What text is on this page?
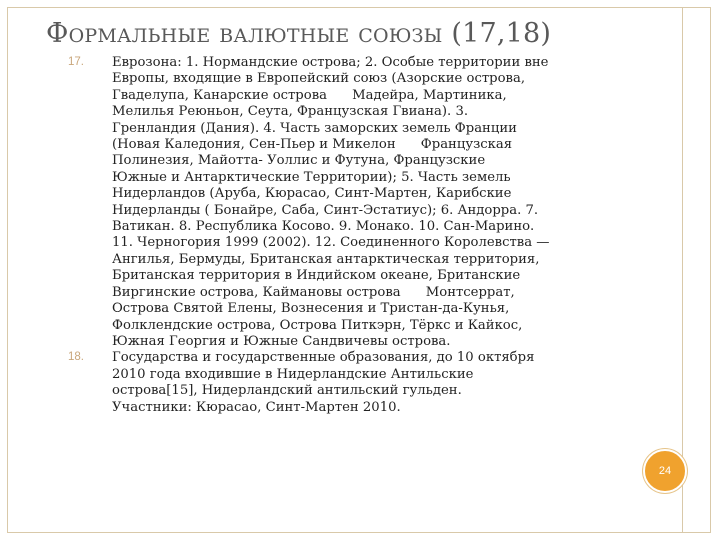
Формальные валютные союзы (17,18)
17. Еврозона: 1. Нормандские острова; 2. Особые территории вне
Европы, входящие в Европейский союз (Азорские острова,
Гваделупа, Канарские острова      Мадейра, Мартиника,
Мелилья Реюньон, Сеута, Французская Гвиана). 3.
Гренландия (Дания). 4. Часть заморских земель Франции
(Новая Каледония, Сен-Пьер и Микелон      Французская
Полинезия, Майотта- Уоллис и Футуна, Французские
Южные и Антарктические Территории); 5. Часть земель
Нидерландов (Аруба, Кюрасао, Синт-Мартен, Карибские
Нидерланды ( Бонайре, Саба, Синт-Эстатиус); 6. Андорра. 7.
Ватикан. 8. Республика Косово. 9. Монако. 10. Сан-Марино.
11. Черногория 1999 (2002). 12. Соединенного Королевства —
Ангилья, Бермуды, Британская антарктическая территория,
Британская территория в Индийском океане, Британские
Виргинские острова, Каймановы острова      Монтсеррат,
Острова Святой Елены, Вознесения и Тристан-да-Кунья,
Фолклендские острова, Острова Питкэрн, Тёркс и Кайкос,
Южная Георгия и Южные Сандвичевы острова.
18. Государства и государственные образования, до 10 октября
2010 года входившие в Нидерландские Антильские
острова[15], Нидерландский антильский гульден.
Участники: Кюрасао, Синт-Мартен 2010.
24
